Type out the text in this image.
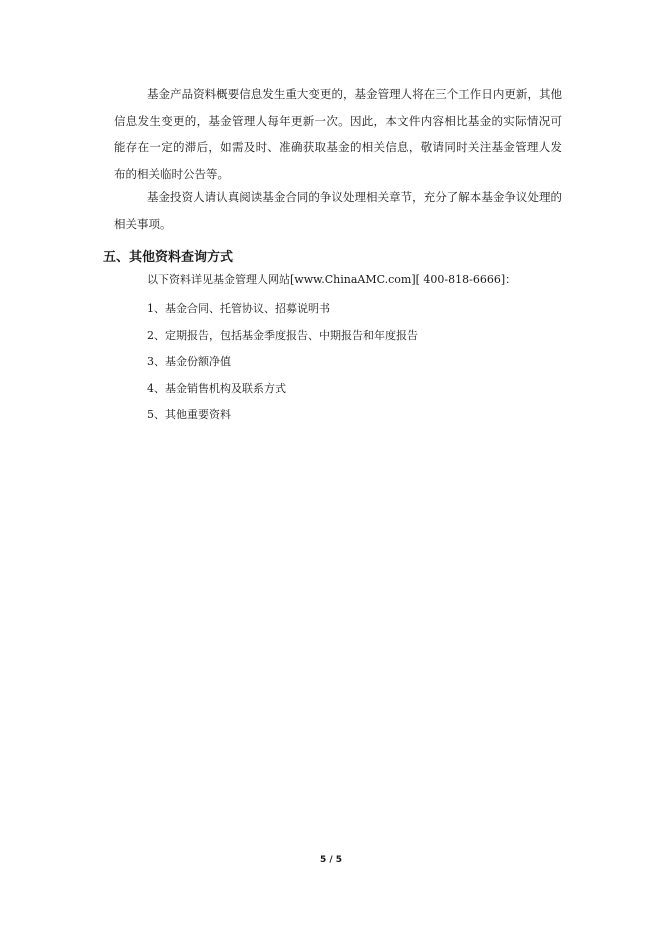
基金产品资料概要信息发生重大变更的，基金管理人将在三个工作日内更新，其他信息发生变更的，基金管理人每年更新一次。因此，本文件内容相比基金的实际情况可能存在一定的滞后，如需及时、准确获取基金的相关信息，敬请同时关注基金管理人发布的相关临时公告等。

基金投资人请认真阅读基金合同的争议处理相关章节，充分了解本基金争议处理的相关事项。

五、其他资料查询方式
以下资料详见基金管理人网站[www.ChinaAMC.com][ 400-818-6666]：
1、基金合同、托管协议、招募说明书
2、定期报告，包括基金季度报告、中期报告和年度报告
3、基金份额净值
4、基金销售机构及联系方式
5、其他重要资料
5 / 5
